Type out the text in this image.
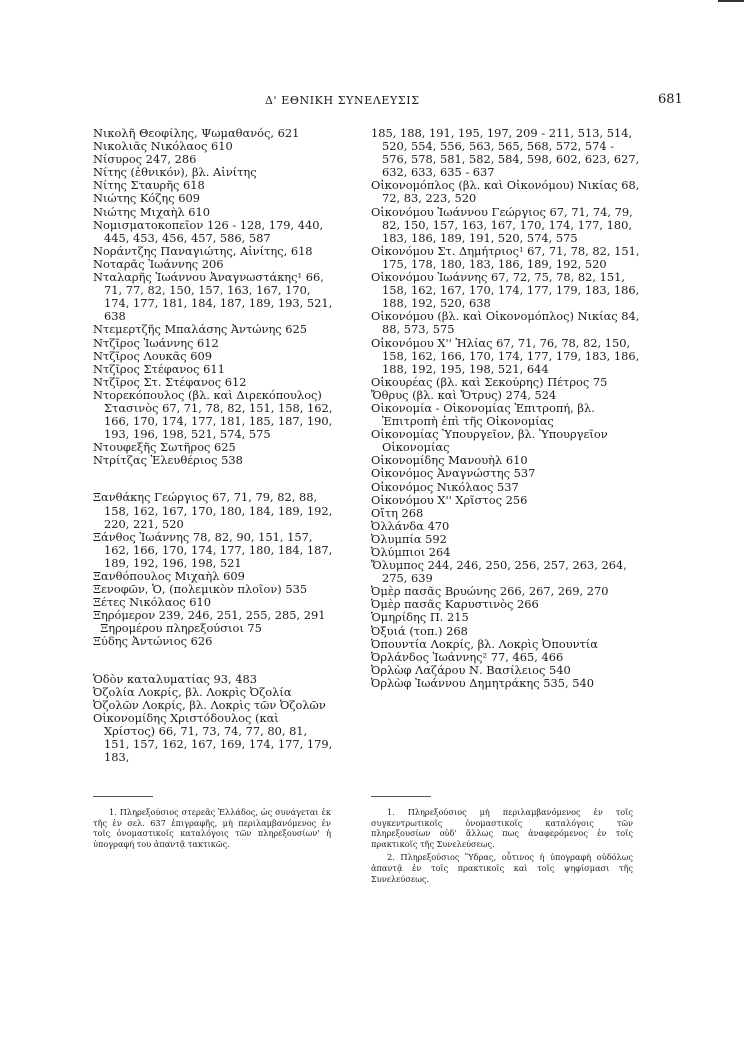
Δ' ΕΘΝΙΚΗ ΣΥΝΕΛΕΥΣΙΣ	681
Νικολῆ Θεοφίλης, Ψωμαθανός, 621
Νικολιᾶς Νικόλαος 610
Νίσυρος 247, 286
Νίτης (ἐθνικόν), βλ. Αἰνίτης
Νίτης Σταυρῆς 618
Νιώτης Κόζης 609
Νιώτης Μιχαὴλ 610
Νομισματοκοπεῖον 126 - 128, 179, 440, 445, 453, 456, 457, 586, 587
Νοράντζης Παναγιώτης, Αἰνίτης, 618
Νοταρᾶς Ἰωάννης 206
Νταλαρῆς Ἰωάννου Ἀναγνωστάκης¹ 66, 71, 77, 82, 150, 157, 163, 167, 170, 174, 177, 181, 184, 187, 189, 193, 521, 638
Ντεμερτζῆς Μπαλάσης Ἀντώνης 625
Ντζῖρος Ἰωάννης 612
Ντζῖρος Λουκᾶς 609
Ντζῖρος Στέφανος 611
Ντζῖρος Στ. Στέφανος 612
Ντορεκόπουλος (βλ. καὶ Διρεκόπουλος) Στασινὸς 67, 71, 78, 82, 151, 158, 162, 166, 170, 174, 177, 181, 185, 187, 190, 193, 196, 198, 521, 574, 575
Ντουφεξῆς Σωτῆρος 625
Ντρίτζας Ἐλευθέριος 538
Ξανθάκης Γεώργιος 67, 71, 79, 82, 88, 158, 162, 167, 170, 180, 184, 189, 192, 220, 221, 520
Ξάνθος Ἰωάννης 78, 82, 90, 151, 157, 162, 166, 170, 174, 177, 180, 184, 187, 189, 192, 196, 198, 521
Ξανθόπουλος Μιχαὴλ 609
Ξενοφῶν, Ὁ, (πολεμικὸν πλοῖον) 535
Ξέτες Νικόλαος 610
Ξηρόμερον 239, 246, 251, 255, 285, 291
Ξηρομέρου πληρεξούσιοι 75
Ξύδης Ἀντώνιος 626
Ὁδὸν καταλυματίας 93, 483
Ὀζολία Λοκρίς, βλ. Λοκρὶς Ὀζολία
Ὀζολῶν Λοκρίς, βλ. Λοκρὶς τῶν Ὀζολῶν
Οἰκονομίδης Χριστόδουλος (καὶ Χρίστος) 66, 71, 73, 74, 77, 80, 81, 151, 157, 162, 167, 169, 174, 177, 179, 183,
185, 188, 191, 195, 197, 209 - 211, 513, 514, 520, 554, 556, 563, 565, 568, 572, 574 - 576, 578, 581, 582, 584, 598, 602, 623, 627, 632, 633, 635 - 637
Οἰκονομόπλος (βλ. καὶ Οἰκονόμου) Νικίας 68, 72, 83, 223, 520
Οἰκονόμου Ἰωάννου Γεώργιος 67, 71, 74, 79, 82, 150, 157, 163, 167, 170, 174, 177, 180, 183, 186, 189, 191, 520, 574, 575
Οἰκονόμου Στ. Δημήτριος¹ 67, 71, 78, 82, 151, 175, 178, 180, 183, 186, 189, 192, 520
Οἰκονόμου Ἰωάννης 67, 72, 75, 78, 82, 151, 158, 162, 167, 170, 174, 177, 179, 183, 186, 188, 192, 520, 638
Οἰκονόμου (βλ. καὶ Οἰκονομόπλος) Νικίας 84, 88, 573, 575
Οἰκονόμου Χ'' Ἠλίας 67, 71, 76, 78, 82, 150, 158, 162, 166, 170, 174, 177, 179, 183, 186, 188, 192, 195, 198, 521, 644
Οἰκουρέας (βλ. καὶ Σεκούρης) Πέτρος 75
Ὄθρυς (βλ. καὶ Ὄτρυς) 274, 524
Οἰκονομία - Οἰκονομίας Ἐπιτροπή, βλ. Ἐπιτροπὴ ἐπὶ τῆς Οἰκονομίας
Οἰκονομίας Ὑπουργεῖον, βλ. Ὑπουργεῖον Οἰκονομίας
Οἰκονομίδης Μανουὴλ 610
Οἰκονόμος Ἀναγνώστης 537
Οἰκονόμος Νικόλαος 537
Οἰκονόμου Χ'' Χρῖστος 256
Οἴτη 268
Ὀλλάνδα 470
Ὀλυμπία 592
Ὀλύμπιοι 264
Ὄλυμπος 244, 246, 250, 256, 257, 263, 264, 275, 639
Ὀμὲρ πασᾶς Βρυώνης 266, 267, 269, 270
Ὀμὲρ πασᾶς Καρυστινὸς 266
Ὁμηρίδης Π. 215
Ὀξυιά (τοπ.) 268
Ὀπουντία Λοκρίς, βλ. Λοκρὶς Ὀπουντία
Ὀρλάνδος Ἰωάννης² 77, 465, 466
Ὀρλὼφ Λαζάρου Ν. Βασίλειος 540
Ὀρλὼφ Ἰωάννου Δημητράκης 535, 540
1. Πληρεξούσιος στερεᾶς Ἑλλάδος, ὡς συνάγεται ἐκ τῆς ἐν σελ. 637 ἐπιγραφῆς, μὴ περιλαμβανόμενος ἐν τοῖς ὀνομαστικοῖς καταλόγοις τῶν πληρεξουσίων' ἡ ὑπογραφή του ἀπαντᾷ τακτικῶς.
1. Πληρεξούσιος μὴ περιλαμβανόμενος ἐν τοῖς συγκεντρωτικοῖς ὀνομαστικοῖς καταλόγοις τῶν πληρεξουσίων οὐδ' ἄλλως πως ἀναφερόμενος ἐν τοῖς πρακτικοῖς τῆς Συνελεύσεως.
2. Πληρεξούσιος Ὕδρας, οὗτινος ἡ ὑπογραφὴ οὐδόλως ἀπαντᾷ ἐν τοῖς πρακτικοῖς καὶ τοῖς ψηφίσμασι τῆς Συνελεύσεως.
